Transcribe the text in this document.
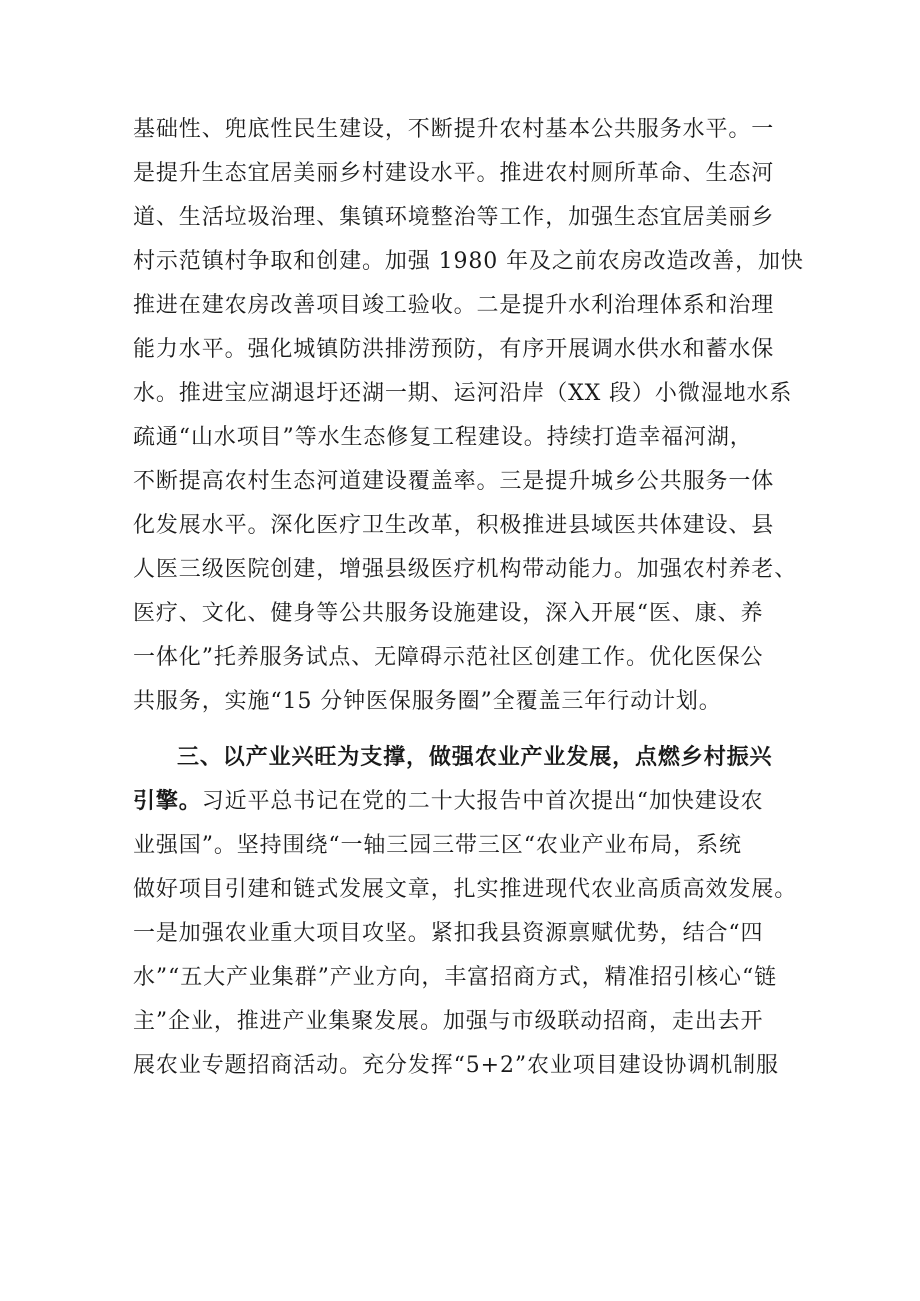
基础性、兜底性民生建设，不断提升农村基本公共服务水平。一
是提升生态宜居美丽乡村建设水平。推进农村厕所革命、生态河
道、生活垃圾治理、集镇环境整治等工作，加强生态宜居美丽乡
村示范镇村争取和创建。加强 1980 年及之前农房改造改善，加快
推进在建农房改善项目竣工验收。二是提升水利治理体系和治理
能力水平。强化城镇防洪排涝预防，有序开展调水供水和蓄水保
水。推进宝应湖退圩还湖一期、运河沿岸（XX 段）小微湿地水系
疏通“山水项目”等水生态修复工程建设。持续打造幸福河湖，
不断提高农村生态河道建设覆盖率。三是提升城乡公共服务一体
化发展水平。深化医疗卫生改革，积极推进县域医共体建设、县
人医三级医院创建，增强县级医疗机构带动能力。加强农村养老、
医疗、文化、健身等公共服务设施建设，深入开展“医、康、养
一体化”托养服务试点、无障碍示范社区创建工作。优化医保公
共服务，实施“15 分钟医保服务圈”全覆盖三年行动计划。
三、以产业兴旺为支撑，做强农业产业发展，点燃乡村振兴
引擎。习近平总书记在党的二十大报告中首次提出“加快建设农
业强国”。坚持围绕“一轴三园三带三区“农业产业布局，系统
做好项目引建和链式发展文章，扎实推进现代农业高质高效发展。
一是加强农业重大项目攻坚。紧扣我县资源禀赋优势，结合“四
水”“五大产业集群”产业方向，丰富招商方式，精准招引核心“链
主”企业，推进产业集聚发展。加强与市级联动招商，走出去开
展农业专题招商活动。充分发挥“5+2”农业项目建设协调机制服
